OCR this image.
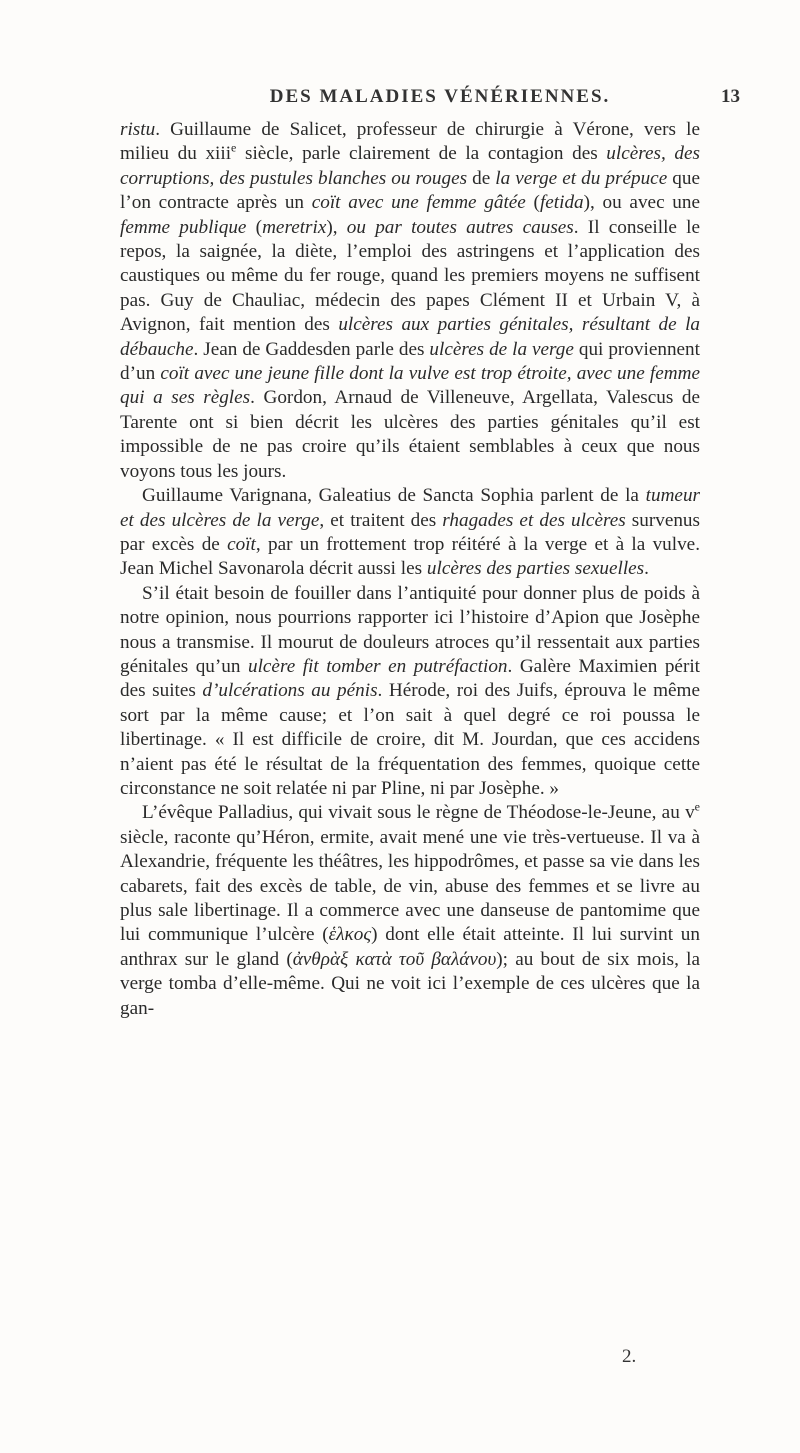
DES MALADIES VÉNÉRIENNES.	13

ristu. Guillaume de Salicet, professeur de chirurgie à Vérone, vers le milieu du xiii$^e$ siècle, parle clairement de la contagion des ulcères, des corruptions, des pustules blanches ou rouges de la verge et du prépuce que l’on contracte après un coït avec une femme gâtée (fetida), ou avec une femme publique (meretrix), ou par toutes autres causes. Il conseille le repos, la saignée, la diète, l’emploi des astringens et l’application des caustiques ou même du fer rouge, quand les premiers moyens ne suffisent pas. Guy de Chauliac, médecin des papes Clément II et Urbain V, à Avignon, fait mention des ulcères aux parties génitales, résultant de la débauche. Jean de Gaddesden parle des ulcères de la verge qui proviennent d’un coït avec une jeune fille dont la vulve est trop étroite, avec une femme qui a ses règles. Gordon, Arnaud de Villeneuve, Argellata, Valescus de Tarente ont si bien décrit les ulcères des parties génitales qu’il est impossible de ne pas croire qu’ils étaient semblables à ceux que nous voyons tous les jours.

Guillaume Varignana, Galeatius de Sancta Sophia parlent de la tumeur et des ulcères de la verge, et traitent des rhagades et des ulcères survenus par excès de coït, par un frottement trop réitéré à la verge et à la vulve. Jean Michel Savonarola décrit aussi les ulcères des parties sexuelles.

S’il était besoin de fouiller dans l’antiquité pour donner plus de poids à notre opinion, nous pourrions rapporter ici l’histoire d’Apion que Josèphe nous a transmise. Il mourut de douleurs atroces qu’il ressentait aux parties génitales qu’un ulcère fit tomber en putréfaction. Galère Maximien périt des suites d’ulcérations au pénis. Hérode, roi des Juifs, éprouva le même sort par la même cause; et l’on sait à quel degré ce roi poussa le libertinage. « Il est difficile de croire, dit M. Jourdan, que ces accidens n’aient pas été le résultat de la fréquentation des femmes, quoique cette circonstance ne soit relatée ni par Pline, ni par Josèphe. »

L’évêque Palladius, qui vivait sous le règne de Théodose-le-Jeune, au $v^e$ siècle, raconte qu’Héron, ermite, avait mené une vie très-vertueuse. Il va à Alexandrie, fréquente les théâtres, les hippodrômes, et passe sa vie dans les cabarets, fait des excès de table, de vin, abuse des femmes et se livre au plus sale libertinage. Il a commerce avec une danseuse de pantomime que lui communique l’ulcère (ἑλκος) dont elle était atteinte. Il lui survint un anthrax sur le gland (ἀνθρὰξ κατὰ τοῦ βαλάνου); au bout de six mois, la verge tomba d’elle-même. Qui ne voit ici l’exemple de ces ulcères que la gan-

2.
